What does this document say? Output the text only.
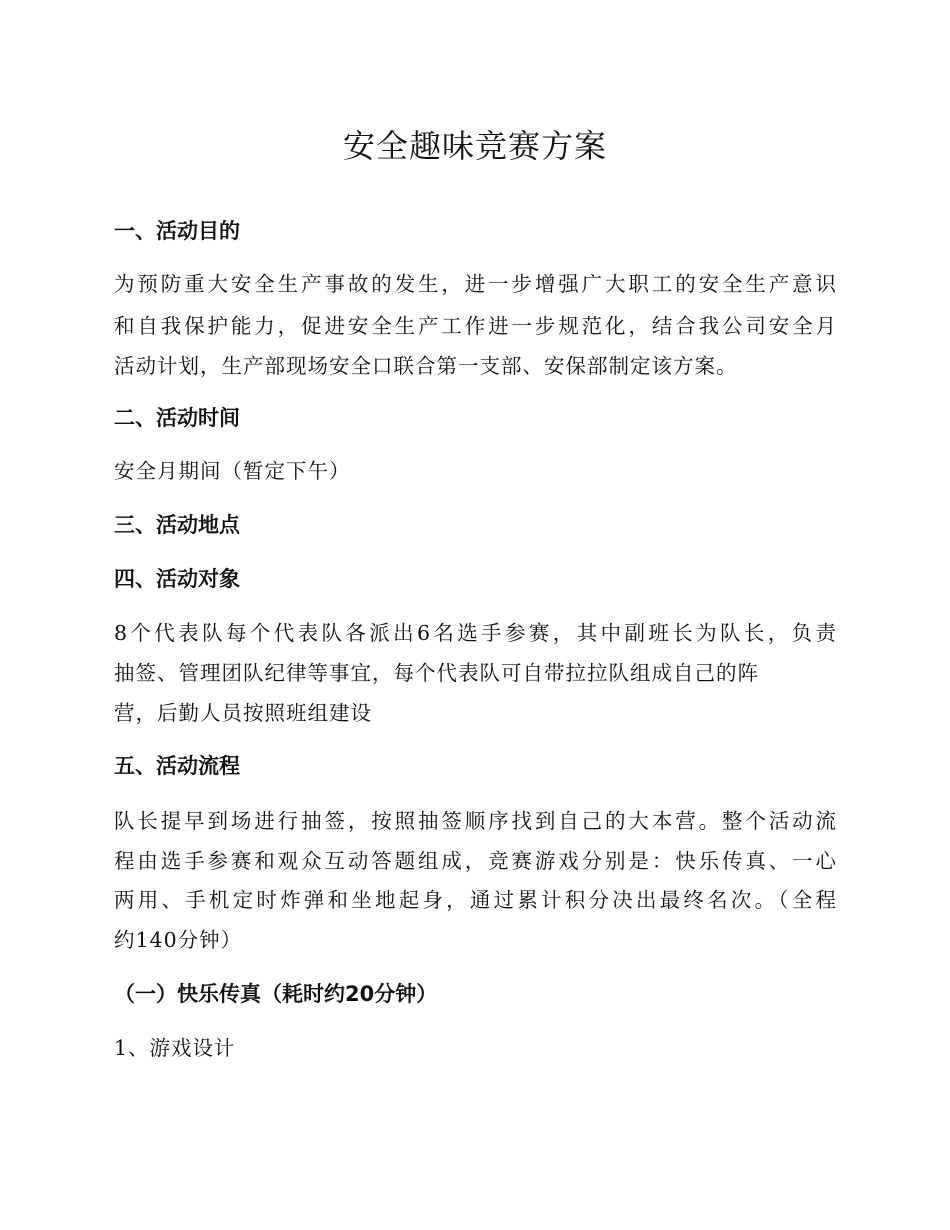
安全趣味竞赛方案
一、活动目的
为预防重大安全生产事故的发生，进一步增强广大职工的安全生产意识
和自我保护能力，促进安全生产工作进一步规范化，结合我公司安全月
活动计划，生产部现场安全口联合第一支部、安保部制定该方案。
二、活动时间
安全月期间（暂定下午）
三、活动地点
四、活动对象
8个代表队每个代表队各派出6名选手参赛，其中副班长为队长，负责
抽签、管理团队纪律等事宜，每个代表队可自带拉拉队组成自己的阵
营，后勤人员按照班组建设
五、活动流程
队长提早到场进行抽签，按照抽签顺序找到自己的大本营。整个活动流
程由选手参赛和观众互动答题组成，竞赛游戏分别是：快乐传真、一心
两用、手机定时炸弹和坐地起身，通过累计积分决出最终名次。（全程
约140分钟）
（一）快乐传真（耗时约20分钟）
1、游戏设计
